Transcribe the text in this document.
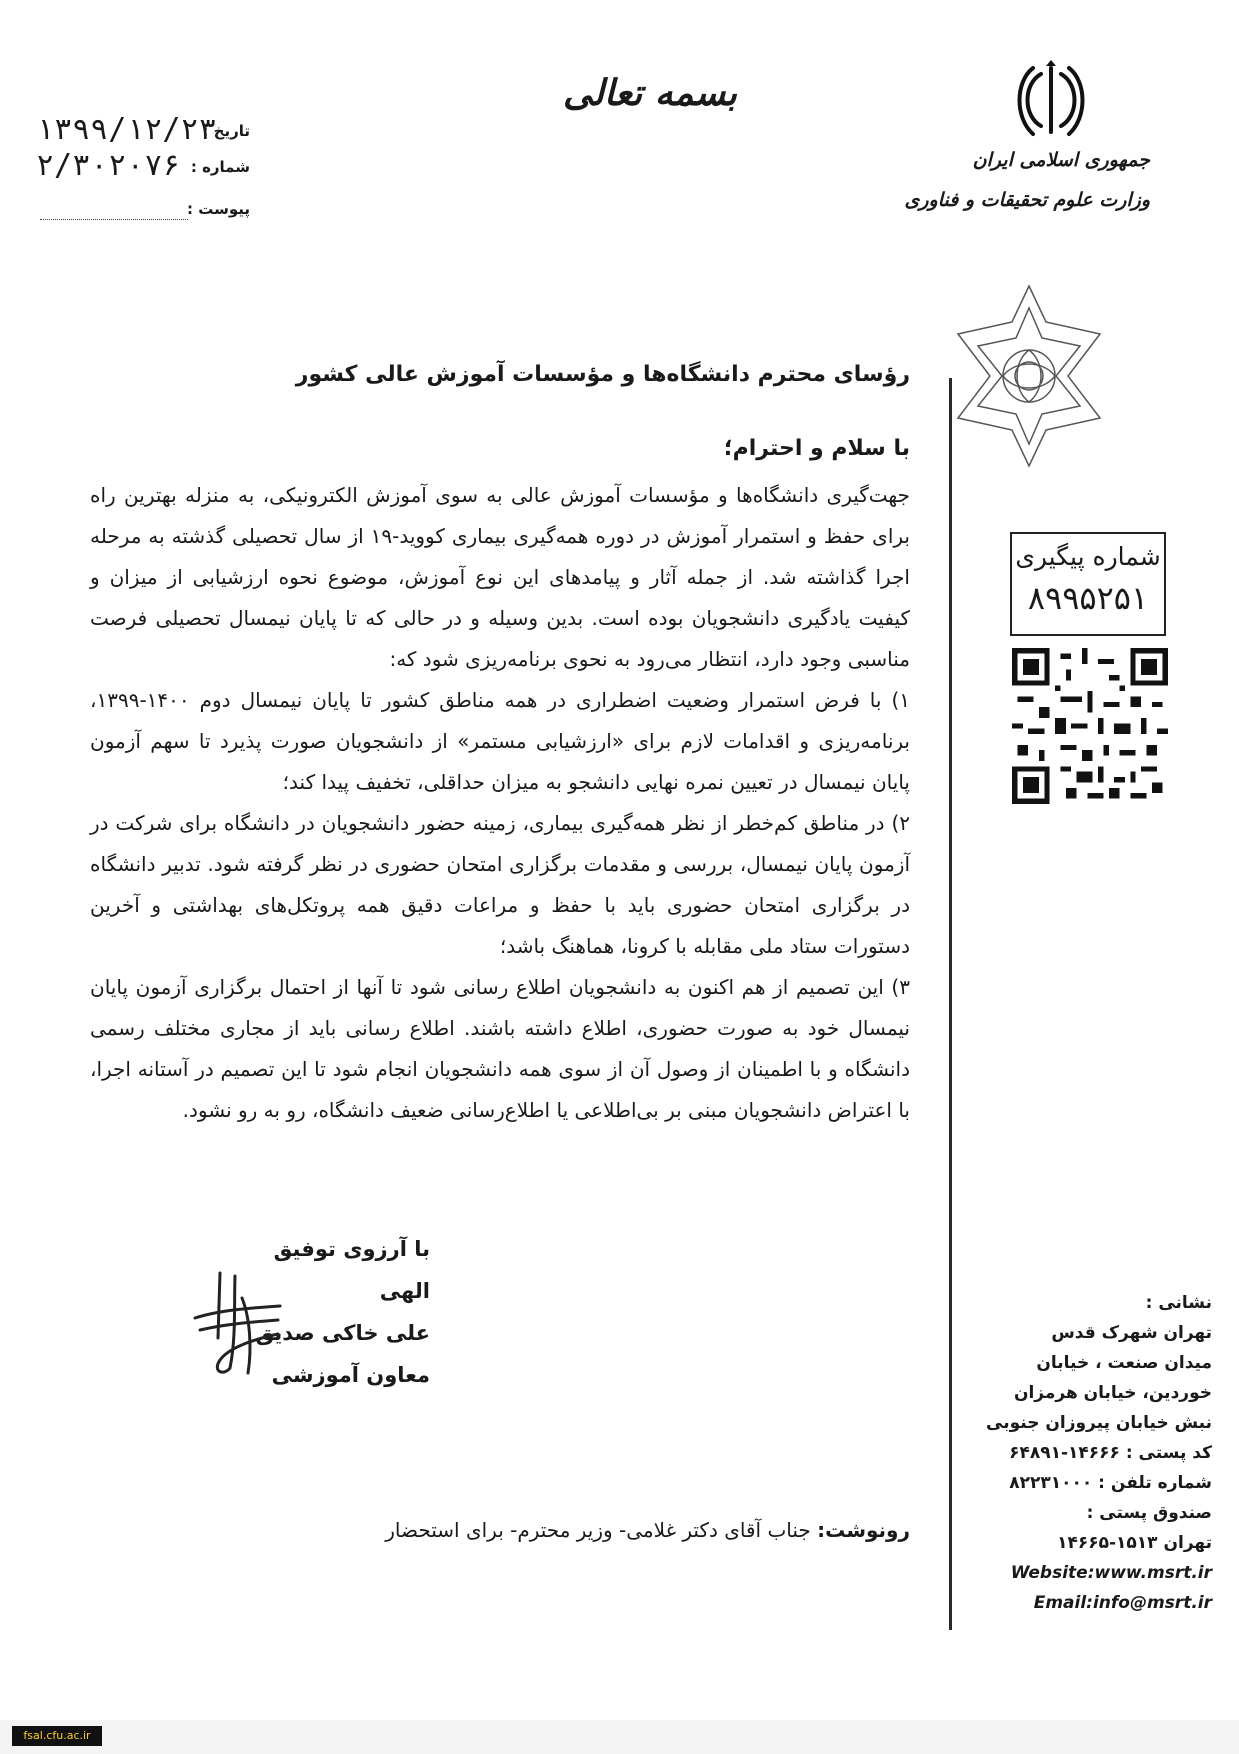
بسمه تعالی
تاریخ :
۱۳۹۹/۱۲/۲۳
شماره :
۲/۳۰۲۰۷۶
پیوست :
جمهوری اسلامی ایران
وزارت علوم تحقیقات و فناوری
شماره پیگیری
۸۹۹۵۲۵۱
رؤسای محترم دانشگاه‌ها و مؤسسات آموزش عالی کشور
با سلام و احترام؛

جهت‌گیری دانشگاه‌ها و مؤسسات آموزش عالی به سوی آموزش الکترونیکی، به منزله بهترین راه برای حفظ و استمرار آموزش در دوره همه‌گیری بیماری کووید-۱۹ از سال تحصیلی گذشته به مرحله اجرا گذاشته شد. از جمله آثار و پیامدهای این نوع آموزش، موضوع نحوه ارزشیابی از میزان و کیفیت یادگیری دانشجویان بوده است. بدین وسیله و در حالی که تا پایان نیمسال تحصیلی فرصت مناسبی وجود دارد، انتظار می‌رود به نحوی برنامه‌ریزی شود که:

۱) با فرض استمرار وضعیت اضطراری در همه مناطق کشور تا پایان نیمسال دوم ۱۴۰۰-۱۳۹۹، برنامه‌ریزی و اقدامات لازم برای «ارزشیابی مستمر» از دانشجویان صورت پذیرد تا سهم آزمون پایان نیمسال در تعیین نمره نهایی دانشجو به میزان حداقلی، تخفیف پیدا کند؛

۲) در مناطق کم‌خطر از نظر همه‌گیری بیماری، زمینه حضور دانشجویان در دانشگاه برای شرکت در آزمون پایان نیمسال، بررسی و مقدمات برگزاری امتحان حضوری در نظر گرفته شود. تدبیر دانشگاه در برگزاری امتحان حضوری باید با حفظ و مراعات دقیق همه پروتکل‌های بهداشتی و آخرین دستورات ستاد ملی مقابله با کرونا، هماهنگ باشد؛

۳) این تصمیم از هم اکنون به دانشجویان اطلاع رسانی شود تا آنها از احتمال برگزاری آزمون پایان نیمسال خود به صورت حضوری، اطلاع داشته باشند. اطلاع رسانی باید از مجاری مختلف رسمی دانشگاه و با اطمینان از وصول آن از سوی همه دانشجویان انجام شود تا این تصمیم در آستانه اجرا، با اعتراض دانشجویان مبنی بر بی‌اطلاعی یا اطلاع‌رسانی ضعیف دانشگاه، رو به رو نشود.

با آرزوی توفیق الهی
علی خاکی صدیق
معاون آموزشی
رونوشت: جناب آقای دکتر غلامی- وزیر محترم- برای استحضار
نشانی :
تهران شهرک قدس
میدان صنعت ، خیابان
خوردین، خیابان هرمزان
نبش خیابان پیروزان جنوبی
کد پستی : ۱۴۶۶۶-۶۴۸۹۱
شماره تلفن : ۸۲۲۳۱۰۰۰
صندوق پستی :
تهران ۱۵۱۳-۱۴۶۶۵
Website:www.msrt.ir
Email:info@msrt.ir
fsal.cfu.ac.ir
